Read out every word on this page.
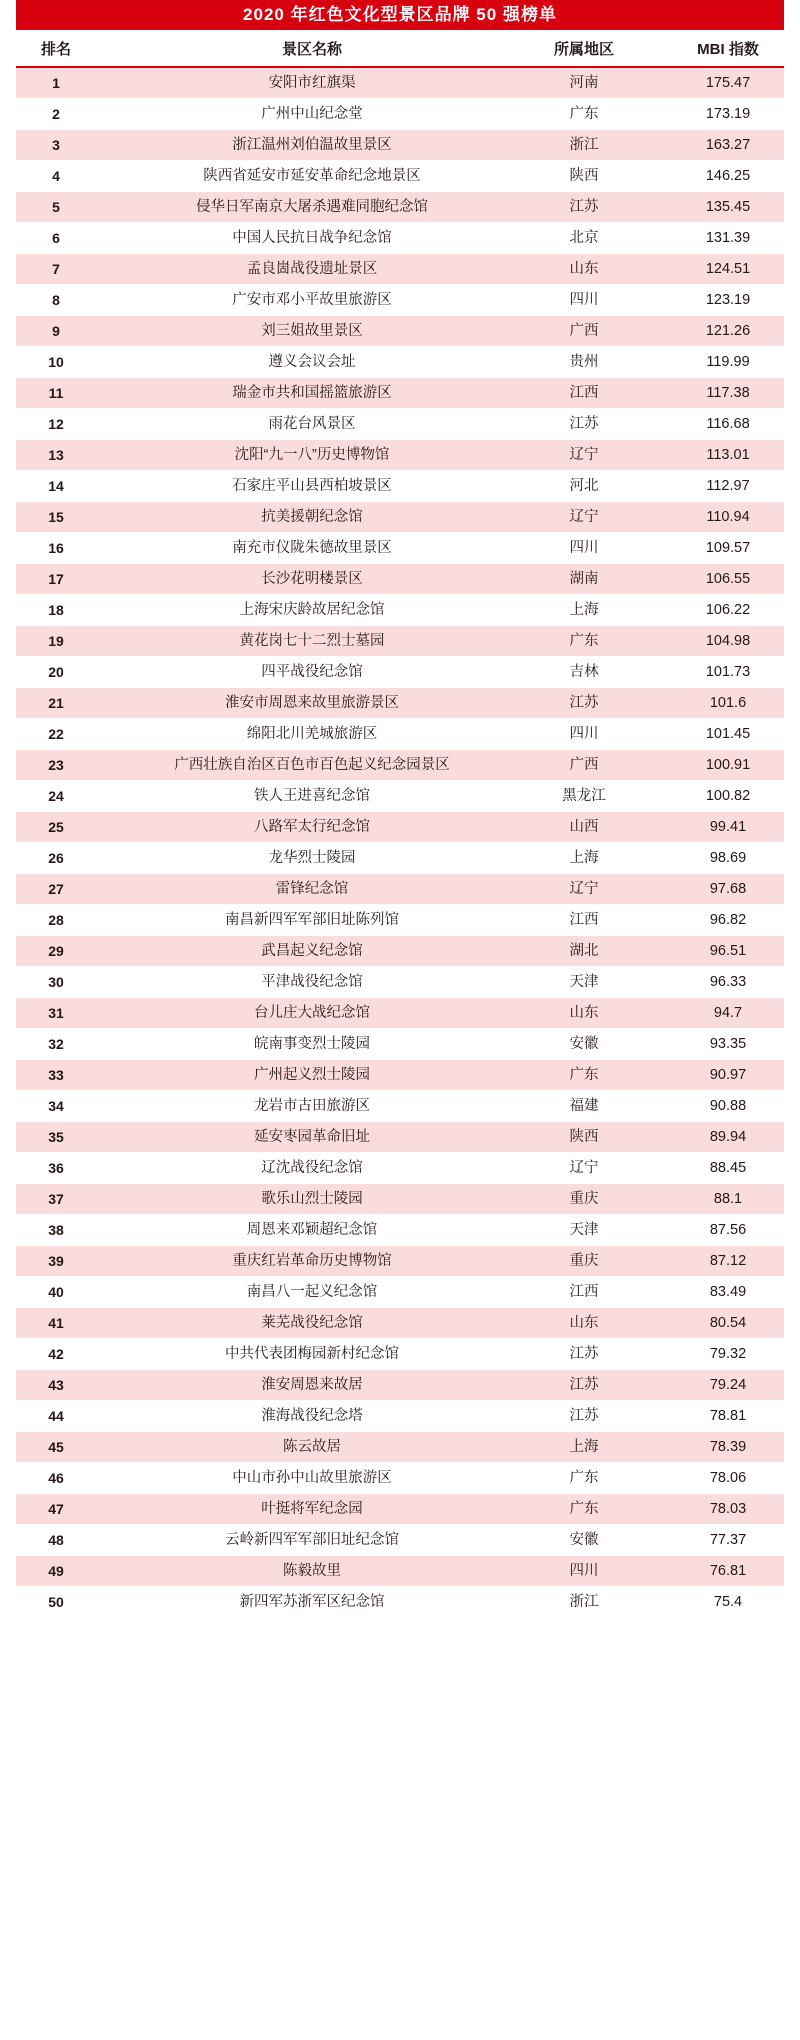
2020 年红色文化型景区品牌 50 强榜单
排名	景区名称	所属地区	MBI 指数
1	安阳市红旗渠	河南	175.47
2	广州中山纪念堂	广东	173.19
3	浙江温州刘伯温故里景区	浙江	163.27
4	陕西省延安市延安革命纪念地景区	陕西	146.25
5	侵华日军南京大屠杀遇难同胞纪念馆	江苏	135.45
6	中国人民抗日战争纪念馆	北京	131.39
7	孟良崮战役遗址景区	山东	124.51
8	广安市邓小平故里旅游区	四川	123.19
9	刘三姐故里景区	广西	121.26
10	遵义会议会址	贵州	119.99
11	瑞金市共和国摇篮旅游区	江西	117.38
12	雨花台风景区	江苏	116.68
13	沈阳“九一八”历史博物馆	辽宁	113.01
14	石家庄平山县西柏坡景区	河北	112.97
15	抗美援朝纪念馆	辽宁	110.94
16	南充市仪陇朱德故里景区	四川	109.57
17	长沙花明楼景区	湖南	106.55
18	上海宋庆龄故居纪念馆	上海	106.22
19	黄花岗七十二烈士墓园	广东	104.98
20	四平战役纪念馆	吉林	101.73
21	淮安市周恩来故里旅游景区	江苏	101.6
22	绵阳北川羌城旅游区	四川	101.45
23	广西壮族自治区百色市百色起义纪念园景区	广西	100.91
24	铁人王进喜纪念馆	黑龙江	100.82
25	八路军太行纪念馆	山西	99.41
26	龙华烈士陵园	上海	98.69
27	雷锋纪念馆	辽宁	97.68
28	南昌新四军军部旧址陈列馆	江西	96.82
29	武昌起义纪念馆	湖北	96.51
30	平津战役纪念馆	天津	96.33
31	台儿庄大战纪念馆	山东	94.7
32	皖南事变烈士陵园	安徽	93.35
33	广州起义烈士陵园	广东	90.97
34	龙岩市古田旅游区	福建	90.88
35	延安枣园革命旧址	陕西	89.94
36	辽沈战役纪念馆	辽宁	88.45
37	歌乐山烈士陵园	重庆	88.1
38	周恩来邓颖超纪念馆	天津	87.56
39	重庆红岩革命历史博物馆	重庆	87.12
40	南昌八一起义纪念馆	江西	83.49
41	莱芜战役纪念馆	山东	80.54
42	中共代表团梅园新村纪念馆	江苏	79.32
43	淮安周恩来故居	江苏	79.24
44	淮海战役纪念塔	江苏	78.81
45	陈云故居	上海	78.39
46	中山市孙中山故里旅游区	广东	78.06
47	叶挺将军纪念园	广东	78.03
48	云岭新四军军部旧址纪念馆	安徽	77.37
49	陈毅故里	四川	76.81
50	新四军苏浙军区纪念馆	浙江	75.4
